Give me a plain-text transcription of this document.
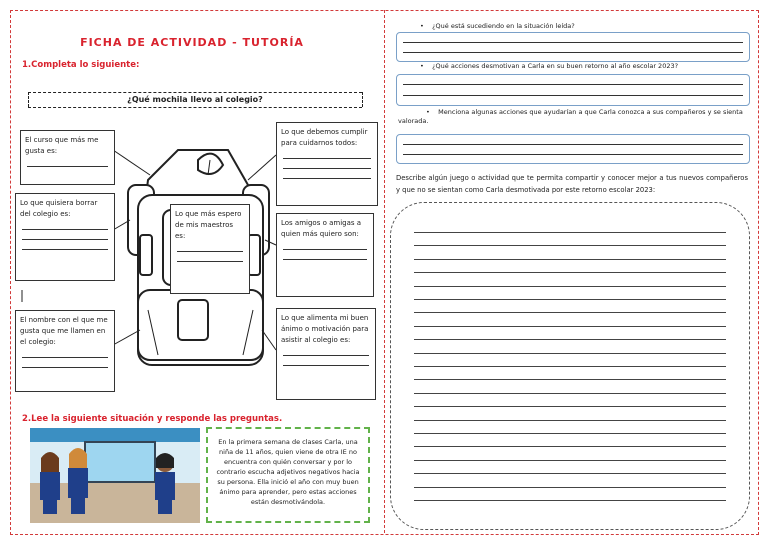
FICHA DE ACTIVIDAD - TUTORÍA
1.Completa lo siguiente:
¿Qué mochila llevo al colegio?
El curso que más me gusta es:
Lo que quisiera borrar del colegio es:
El nombre con el que me gusta que me llamen en el colegio:
Lo que más espero de mis maestros es:
Lo que debemos cumplir para cuidarnos todos:
Los amigos o amigas a quien más quiero son:
Lo que alimenta mi buen ánimo o motivación para asistir al colegio es:
2.Lee la siguiente situación y responde las preguntas.
En la primera semana de clases Carla, una niña de 11 años, quien viene de otra IE no encuentra con quién conversar y por lo contrario escucha adjetivos negativos hacia su persona. Ella inició el año con muy buen ánimo para aprender, pero estas acciones están desmotivándola.
• ¿Qué está sucediendo en la situación leída?
• ¿Qué acciones desmotivan a Carla en su buen retorno al año escolar 2023?
• Menciona algunas acciones que ayudarían a que Carla conozca a sus compañeros y se sienta valorada.
Describe algún juego o actividad que te permita compartir y conocer mejor a tus nuevos compañeros y que no se sientan como Carla desmotivada por este retorno escolar 2023:
